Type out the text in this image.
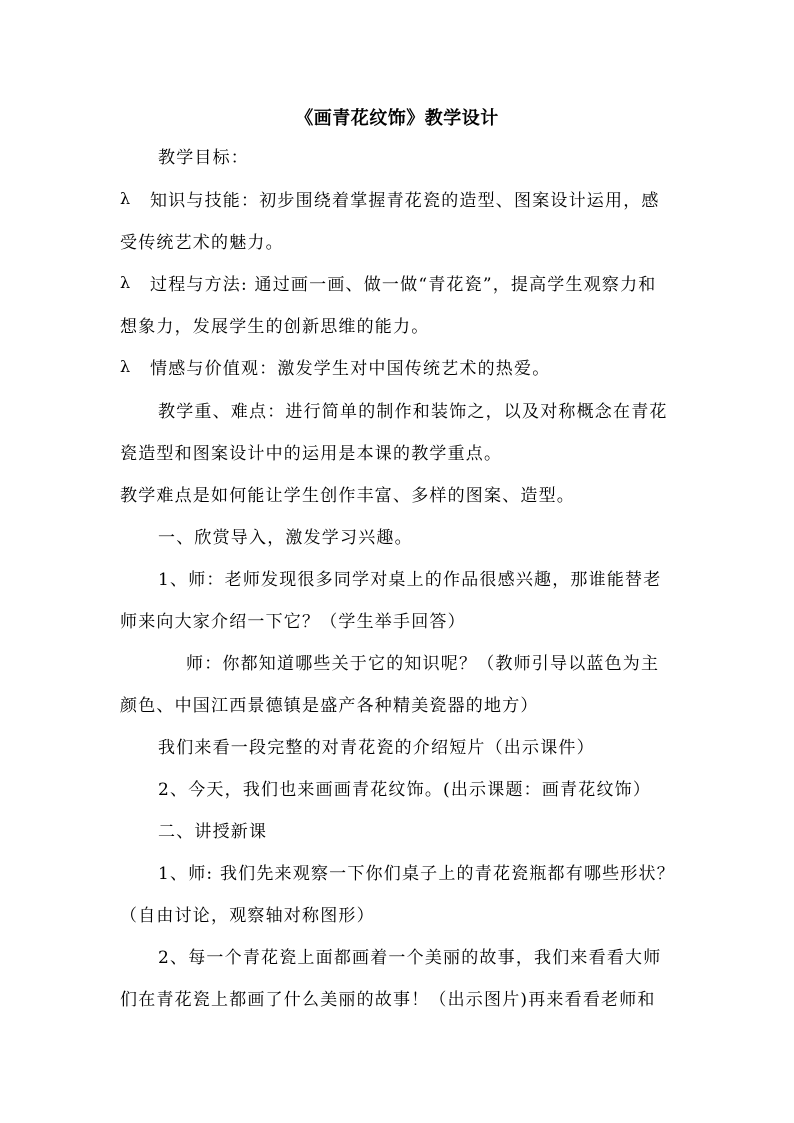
《画青花纹饰》教学设计
教学目标：
λ 知识与技能：初步围绕着掌握青花瓷的造型、图案设计运用，感
受传统艺术的魅力。
λ 过程与方法: 通过画一画、做一做“青花瓷”，提高学生观察力和
想象力，发展学生的创新思维的能力。
λ 情感与价值观：激发学生对中国传统艺术的热爱。
教学重、难点：进行简单的制作和装饰之，以及对称概念在青花
瓷造型和图案设计中的运用是本课的教学重点。
教学难点是如何能让学生创作丰富、多样的图案、造型。
一、欣赏导入，激发学习兴趣。
1、师：老师发现很多同学对桌上的作品很感兴趣，那谁能替老
师来向大家介绍一下它？（学生举手回答）
师：你都知道哪些关于它的知识呢？（教师引导以蓝色为主
颜色、中国江西景德镇是盛产各种精美瓷器的地方）
我们来看一段完整的对青花瓷的介绍短片（出示课件）
2、今天，我们也来画画青花纹饰。(出示课题：画青花纹饰）
二、讲授新课
1、师: 我们先来观察一下你们桌子上的青花瓷瓶都有哪些形状？
（自由讨论，观察轴对称图形）
2、每一个青花瓷上面都画着一个美丽的故事，我们来看看大师
们在青花瓷上都画了什么美丽的故事！（出示图片)再来看看老师和
